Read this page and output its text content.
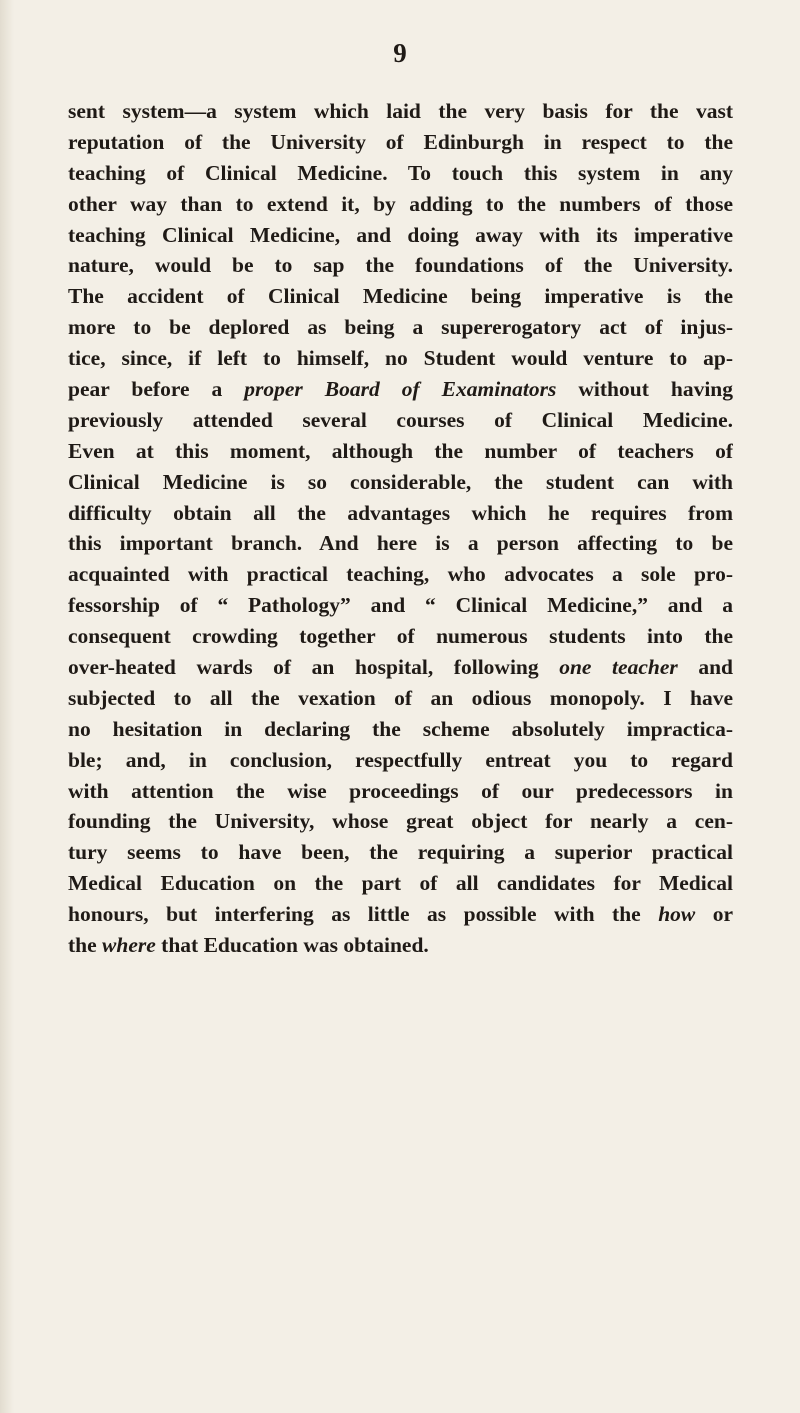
9
sent system—a system which laid the very basis for the vast
reputation of the University of Edinburgh in respect to the
teaching of Clinical Medicine. To touch this system in any
other way than to extend it, by adding to the numbers of those
teaching Clinical Medicine, and doing away with its imperative
nature, would be to sap the foundations of the University.
The accident of Clinical Medicine being imperative is the
more to be deplored as being a supererogatory act of injus-
tice, since, if left to himself, no Student would venture to ap-
pear before a proper Board of Examinators without having
previously attended several courses of Clinical Medicine.
Even at this moment, although the number of teachers of
Clinical Medicine is so considerable, the student can with
difficulty obtain all the advantages which he requires from
this important branch. And here is a person affecting to be
acquainted with practical teaching, who advocates a sole pro-
fessorship of “ Pathology” and “ Clinical Medicine,” and a
consequent crowding together of numerous students into the
over-heated wards of an hospital, following one teacher and
subjected to all the vexation of an odious monopoly. I have
no hesitation in declaring the scheme absolutely impractica-
ble; and, in conclusion, respectfully entreat you to regard
with attention the wise proceedings of our predecessors in
founding the University, whose great object for nearly a cen-
tury seems to have been, the requiring a superior practical
Medical Education on the part of all candidates for Medical
honours, but interfering as little as possible with the how or
the where that Education was obtained.
